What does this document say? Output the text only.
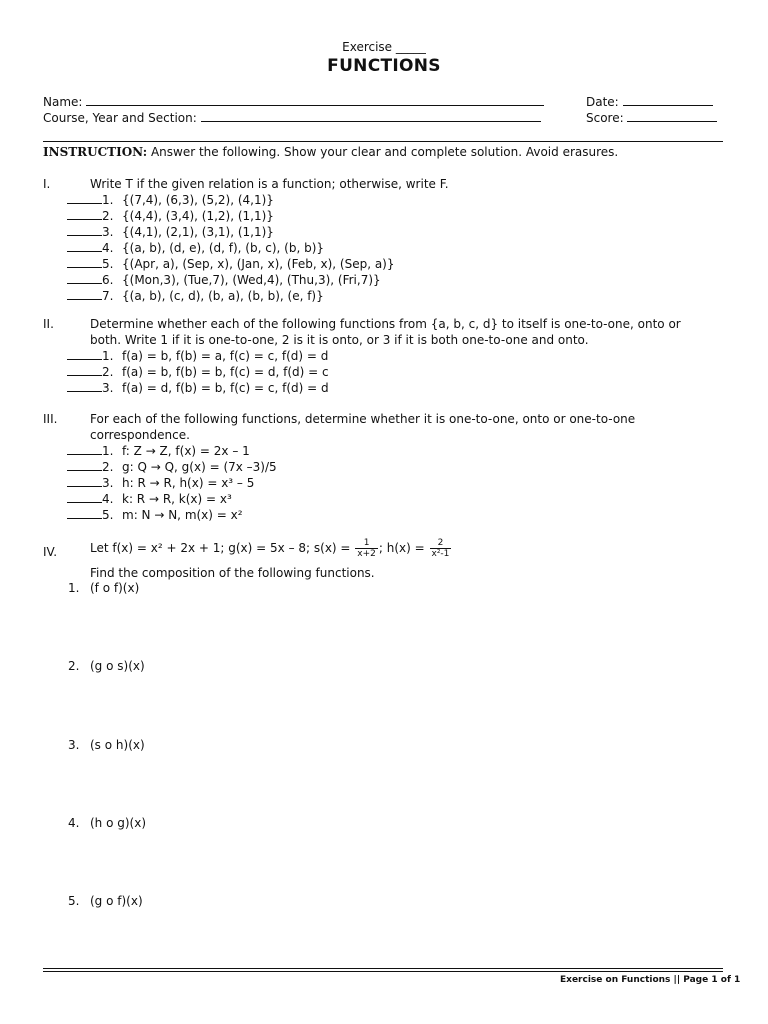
Exercise _____
FUNCTIONS
Name:	Date:
Course, Year and Section:	Score:
INSTRUCTION: Answer the following. Show your clear and complete solution. Avoid erasures.
I.	Write T if the given relation is a function; otherwise, write F.
1. {(7,4), (6,3), (5,2), (4,1)}
2. {(4,4), (3,4), (1,2), (1,1)}
3. {(4,1), (2,1), (3,1), (1,1)}
4. {(a, b), (d, e), (d, f), (b, c), (b, b)}
5. {(Apr, a), (Sep, x), (Jan, x), (Feb, x), (Sep, a)}
6. {(Mon,3), (Tue,7), (Wed,4), (Thu,3), (Fri,7)}
7. {(a, b), (c, d), (b, a), (b, b), (e, f)}
II.	Determine whether each of the following functions from {a, b, c, d} to itself is one-to-one, onto or
both. Write 1 if it is one-to-one, 2 is it is onto, or 3 if it is both one-to-one and onto.
1. f(a) = b, f(b) = a, f(c) = c, f(d) = d
2. f(a) = b, f(b) = b, f(c) = d, f(d) = c
3. f(a) = d, f(b) = b, f(c) = c, f(d) = d
III.	For each of the following functions, determine whether it is one-to-one, onto or one-to-one
correspondence.
1. f: Z → Z, f(x) = 2x – 1
2. g: Q → Q, g(x) = (7x –3)/5
3. h: R → R, h(x) = x³ – 5
4. k: R → R, k(x) = x³
5. m: N → N, m(x) = x²
IV.	Let f(x) = x² + 2x + 1; g(x) = 5x – 8; $s(x) = \frac{1}{x+2}$ ; $h(x) = \frac{2}{\text{x²-1}}$
Find the composition of the following functions.
1. (f o f)(x)
2. (g o s)(x)
3. (s o h)(x)
4. (h o g)(x)
5. (g o f)(x)
Exercise on Functions || Page 1 of 1
